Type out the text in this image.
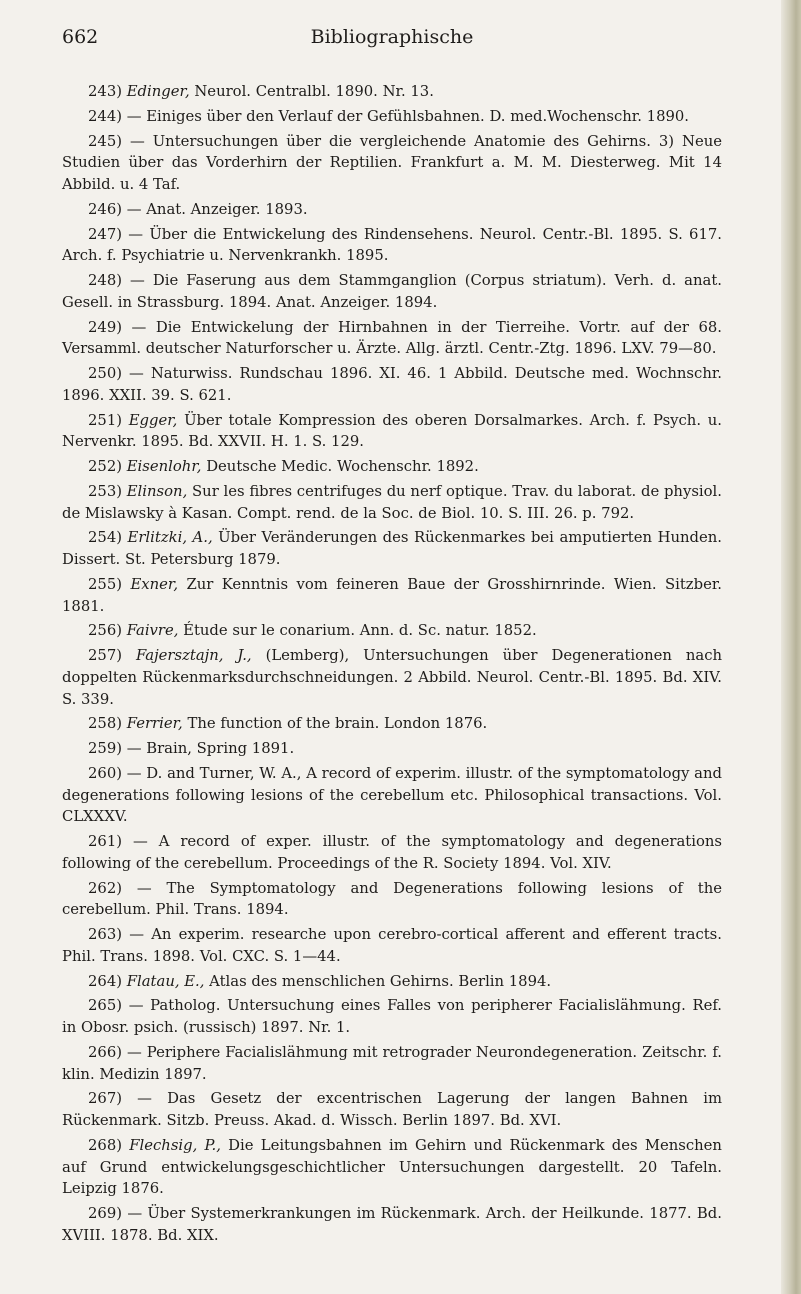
662	Bibliographische

243) Edinger, Neurol. Centralbl. 1890. Nr. 13.

244) — Einiges über den Verlauf der Gefühlsbahnen. D. med.Wochenschr. 1890.

245) — Untersuchungen über die vergleichende Anatomie des Gehirns. 3) Neue Studien über das Vorderhirn der Reptilien. Frankfurt a. M. M. Diesterweg. Mit 14 Abbild. u. 4 Taf.

246) — Anat. Anzeiger. 1893.

247) — Über die Entwickelung des Rindensehens. Neurol. Centr.-Bl. 1895. S. 617. Arch. f. Psychiatrie u. Nervenkrankh. 1895.

248) — Die Faserung aus dem Stammganglion (Corpus striatum). Verh. d. anat. Gesell. in Strassburg. 1894. Anat. Anzeiger. 1894.

249) — Die Entwickelung der Hirnbahnen in der Tierreihe. Vortr. auf der 68. Versamml. deutscher Naturforscher u. Ärzte. Allg. ärztl. Centr.-Ztg. 1896. LXV. 79—80.

250) — Naturwiss. Rundschau 1896. XI. 46. 1 Abbild. Deutsche med. Wochnschr. 1896. XXII. 39. S. 621.

251) Egger, Über totale Kompression des oberen Dorsalmarkes. Arch. f. Psych. u. Nervenkr. 1895. Bd. XXVII. H. 1. S. 129.

252) Eisenlohr, Deutsche Medic. Wochenschr. 1892.

253) Elinson, Sur les fibres centrifuges du nerf optique. Trav. du laborat. de physiol. de Mislawsky à Kasan. Compt. rend. de la Soc. de Biol. 10. S. III. 26. p. 792.

254) Erlitzki, A., Über Veränderungen des Rückenmarkes bei amputierten Hunden. Dissert. St. Petersburg 1879.

255) Exner, Zur Kenntnis vom feineren Baue der Grosshirnrinde. Wien. Sitzber. 1881.

256) Faivre, Étude sur le conarium. Ann. d. Sc. natur. 1852.

257) Fajersztajn, J., (Lemberg), Untersuchungen über Degenerationen nach doppelten Rückenmarksdurchschneidungen. 2 Abbild. Neurol. Centr.-Bl. 1895. Bd. XIV. S. 339.

258) Ferrier, The function of the brain. London 1876.

259) — Brain, Spring 1891.

260) — D. and Turner, W. A., A record of experim. illustr. of the symptomatology and degenerations following lesions of the cerebellum etc. Philosophical transactions. Vol. CLXXXV.

261) — A record of exper. illustr. of the symptomatology and degenerations following of the cerebellum. Proceedings of the R. Society 1894. Vol. XIV.

262) — The Symptomatology and Degenerations following lesions of the cerebellum. Phil. Trans. 1894.

263) — An experim. researche upon cerebro-cortical afferent and efferent tracts. Phil. Trans. 1898. Vol. CXC. S. 1—44.

264) Flatau, E., Atlas des menschlichen Gehirns. Berlin 1894.

265) — Patholog. Untersuchung eines Falles von peripherer Facialislähmung. Ref. in Obosr. psich. (russisch) 1897. Nr. 1.

266) — Periphere Facialislähmung mit retrograder Neurondegeneration. Zeitschr. f. klin. Medizin 1897.

267) — Das Gesetz der excentrischen Lagerung der langen Bahnen im Rückenmark. Sitzb. Preuss. Akad. d. Wissch. Berlin 1897. Bd. XVI.

268) Flechsig, P., Die Leitungsbahnen im Gehirn und Rückenmark des Menschen auf Grund entwickelungsgeschichtlicher Untersuchungen dargestellt. 20 Tafeln. Leipzig 1876.

269) — Über Systemerkrankungen im Rückenmark. Arch. der Heilkunde. 1877. Bd. XVIII. 1878. Bd. XIX.
